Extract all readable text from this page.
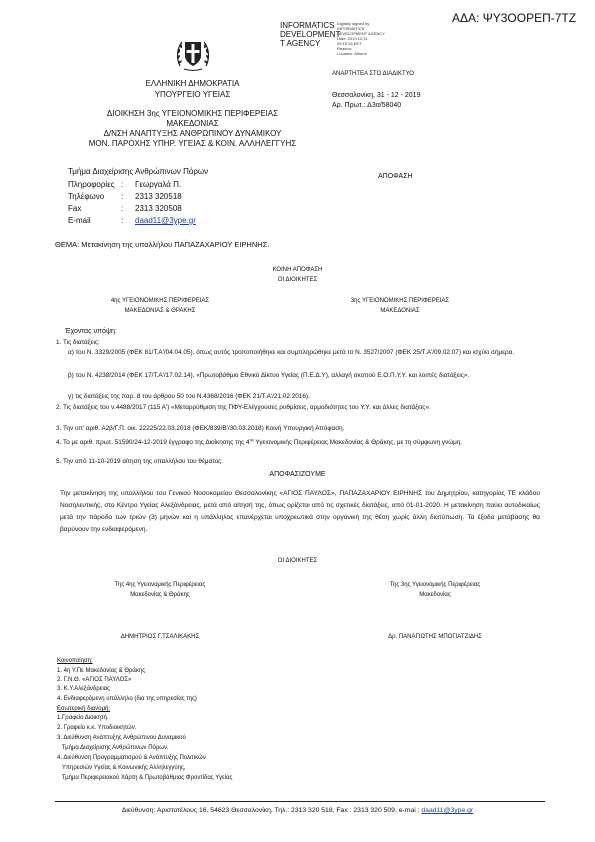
ΑΔΑ: ΨΥ3ΟΟΡΕΠ-7ΤΖ
INFORMATICS
DEVELOPMENT
T AGENCY
Digitally signed by
INFORMATICS
DEVELOPMENT AGENCY
Date: 2019.12.31
09:19:15 EET
Reason:
Location: Athens
ΕΛΛΗΝΙΚΗ ΔΗΜΟΚΡΑΤΙΑ
ΥΠΟΥΡΓΕΙΟ ΥΓΕΙΑΣ
ΔΙΟΙΚΗΣΗ 3ης ΥΓΕΙΟΝΟΜΙΚΗΣ ΠΕΡΙΦΕΡΕΙΑΣ
ΜΑΚΕΔΟΝΙΑΣ
Δ/ΝΣΗ ΑΝΑΠΤΥΞΗΣ ΑΝΘΡΩΠΙΝΟΥ ΔΥΝΑΜΙΚΟΥ
ΜΟΝ. ΠΑΡΟΧΗΣ ΥΠΗΡ. ΥΓΕΙΑΣ & ΚΟΙΝ. ΑΛΛΗΛΕΓΓΥΗΣ
ΑΝΑΡΤΗΤΕΑ ΣΤΟ ΔΙΑΔΙΚΤΥΟ
Θεσσαλονίκη, 31 - 12 - 2019
Αρ. Πρωτ.: Δ3α/58040
ΑΠΟΦΑΣΗ
Τμήμα Διαχείρισης Ανθρώπινων Πόρων
Πληροφορίες : Γεωργαλά Π.
Τηλέφωνο : 2313 320518
Fax	: 2313 320508
E-mail	: daad11@3ype.gr
ΘΕΜΑ: Μετακίνηση της υπαλλήλου ΠΑΠΑΖΑΧΑΡΙΟΥ ΕΙΡΗΝΗΣ.
ΚΟΙΝΗ ΑΠΟΦΑΣΗ
ΟΙ ΔΙΟΙΚΗΤΕΣ
4ης ΥΓΕΙΟΝΟΜΙΚΗΣ ΠΕΡΙΦΕΡΕΙΑΣ
ΜΑΚΕΔΟΝΙΑΣ & ΘΡΑΚΗΣ
3ης ΥΓΕΙΟΝΟΜΙΚΗΣ ΠΕΡΙΦΕΡΕΙΑΣ
ΜΑΚΕΔΟΝΙΑΣ
Έχοντας υπόψη:
1. Τις διατάξεις:
α) του Ν. 3329/2005 (ΦΕΚ 81/Τ.Α'/04.04.05), όπως αυτός τροποποιήθηκε και συμπληρώθηκε μετά το Ν. 3527/2007 (ΦΕΚ 25/Τ.Α'/09.02.07) και ισχύει σήμερα.
β) του Ν. 4238/2014 (ΦΕΚ 17/Τ.Α'/17.02.14), «Πρωτοβάθμιο Εθνικό Δίκτυο Υγείας (Π.Ε.Δ.Υ), αλλαγή σκοπού Ε.Ο.Π.Υ.Υ. και λοιπές διατάξεις».
γ) τις διατάξεις της παρ. 8 του άρθρου 50 του Ν.4368/2016 (ΦΕΚ 21/Τ.Α'/21.02.2016).
2. Τις διατάξεις του ν.4488/2017 (115 Α') «Μεταρρύθμιση της ΠΦΥ-Ελέγχουσες ρυθμίσεις, αρμοδιότητες του Υ.Υ. και άλλες διατάξεις».
3. Την υπ' αριθ. Α2β/Γ.Π. οικ. 22225/22.03.2018 (ΦΕΚ/839/Β'/30.03.2018) Κοινή Υπουργική Απόφαση.
4. Το με αριθ. πρωτ. 51590/24-12-2019 έγγραφο της Διοίκησης της $4^{\eta\varsigma}$ Υγειονομικής Περιφέρειας Μακεδονίας & Θράκης, με τη σύμφωνη γνώμη.
5. Την από 11-10-2019 αίτηση της υπαλλήλου του θέματος.
ΑΠΟΦΑΣΙΖΟΥΜΕ
Την μετακίνηση της υπαλλήλου του Γενικού Νοσοκομείου Θεσσαλονίκης «ΑΓΙΟΣ ΠΑΥΛΟΣ», ΠΑΠΑΖΑΧΑΡΙΟΥ ΕΙΡΗΝΗΣ του Δημητρίου, κατηγορίας ΤΕ κλάδου Νοσηλευτικής, στο Κέντρο Υγείας Αλεξάνδρειας, μετά από αίτησή της, όπως ορίζεται από τις σχετικές διατάξεις, από 01-01-2020. Η μετακίνηση παύει αυτοδικαίως μετά την πάροδο των τριών (3) μηνών και η υπάλληλος επανέρχεται υποχρεωτικά στην οργανική της θέση χωρίς άλλη διατύπωση. Τα έξοδα μετάβασης θα βαρύνουν την ενδιαφερόμενη.
ΟΙ ΔΙΟΙΚΗΤΕΣ
Της 4ης Υγειονομικής Περιφέρειας
Μακεδονίας & Θράκης
Της 3ης Υγειονομικής Περιφέρειας
Μακεδονίας
ΔΗΜΗΤΡΙΟΣ Γ.ΤΣΑΛΙΚΑΚΗΣ	Δρ. ΠΑΝΑΓΙΩΤΗΣ ΜΠΟΓΙΑΤΖΙΔΗΣ
Κοινοποίηση:
1. 4η Υ.Πε Μακεδονίας & Θράκης
2. Γ.Ν.Θ. «ΑΓΙΟΣ ΠΑΥΛΟΣ»
3. Κ.Υ.Αλεξάνδρειας
4. Ενδιαφερόμενη υπάλληλο (δια της υπηρεσίας της)
Εσωτερική διανομή:
1.Γραφείο Διοικητή.
2. Γραφείο κ.κ. Υποδιοικητών.
3. Διεύθυνση Ανάπτυξης Ανθρώπινου Δυναμικού
Τμήμα Διαχείρισης Ανθρώπινων Πόρων.
4. Διεύθυνση Προγραμματισμού & Ανάπτυξης Πολιτικών
Υπηρεσιών Υγείας & Κοινωνικής Αλληλεγγύης,
Τμήμα Περιφερειακού Χάρτη & Πρωτοβάθμιας Φροντίδας Υγείας
Διεύθυνση: Αριστοτέλους 16, 54623 Θεσσαλονίκη, Τηλ.: 2313 320 518, Fax : 2313 320 509, e-mai : daad11@3ype.gr
